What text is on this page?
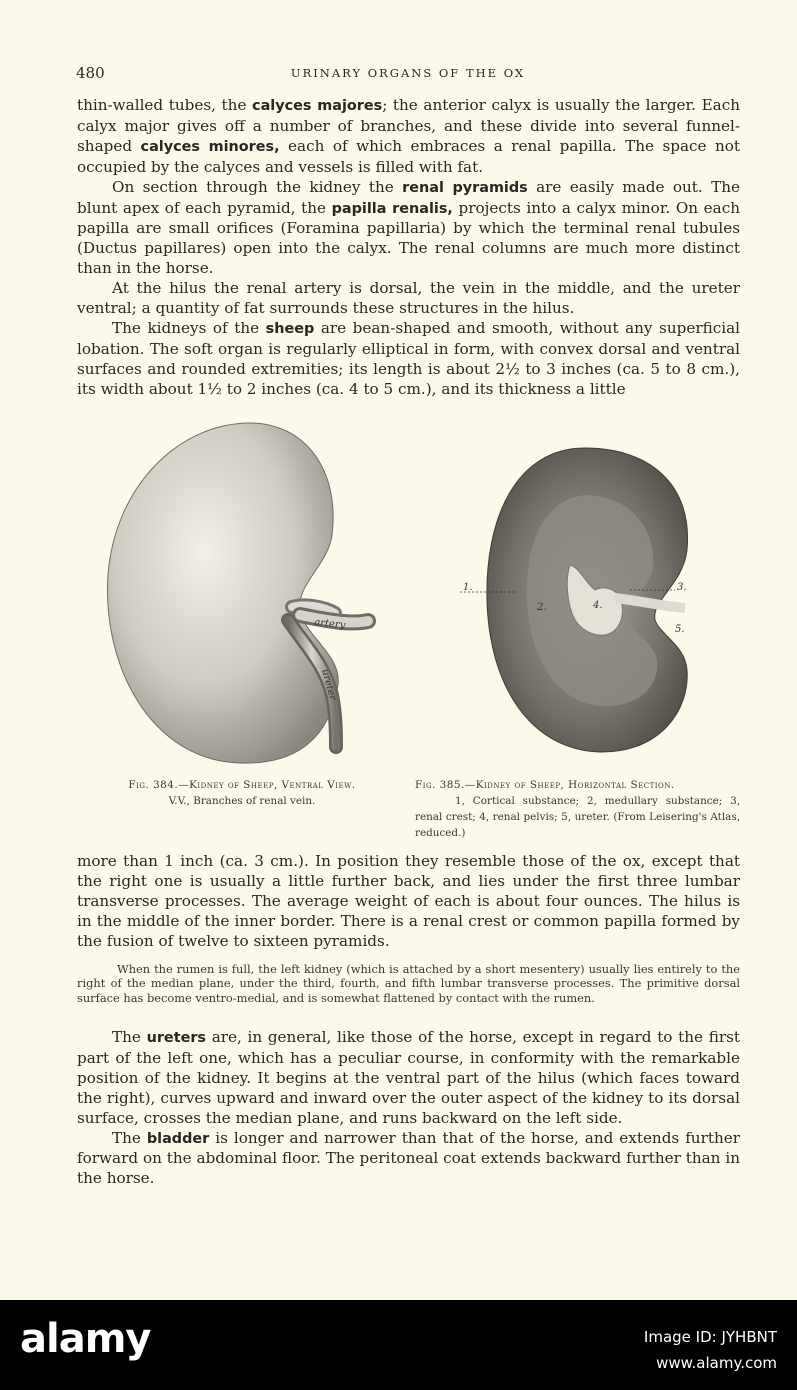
480	URINARY ORGANS OF THE OX

thin-walled tubes, the calyces majores; the anterior calyx is usually the larger. Each calyx major gives off a number of branches, and these divide into several funnel-shaped calyces minores, each of which embraces a renal papilla. The space not occupied by the calyces and vessels is filled with fat.

On section through the kidney the renal pyramids are easily made out. The blunt apex of each pyramid, the papilla renalis, projects into a calyx minor. On each papilla are small orifices (Foramina papillaria) by which the terminal renal tubules (Ductus papillares) open into the calyx. The renal columns are much more distinct than in the horse.

At the hilus the renal artery is dorsal, the vein in the middle, and the ureter ventral; a quantity of fat surrounds these structures in the hilus.

The kidneys of the sheep are bean-shaped and smooth, without any superficial lobation. The soft organ is regularly elliptical in form, with convex dorsal and ventral surfaces and rounded extremities; its length is about 2½ to 3 inches (ca. 5 to 8 cm.), its width about 1½ to 2 inches (ca. 4 to 5 cm.), and its thickness a little

artery
ureter
1.
2.
3.
4.
5.
Fig. 384.—Kidney of Sheep, Ventral View.
V.V., Branches of renal vein.
Fig. 385.—Kidney of Sheep, Horizontal Section.
1, Cortical substance; 2, medullary substance; 3, renal crest; 4, renal pelvis; 5, ureter. (From Leisering's Atlas, reduced.)

more than 1 inch (ca. 3 cm.). In position they resemble those of the ox, except that the right one is usually a little further back, and lies under the first three lumbar transverse processes. The average weight of each is about four ounces. The hilus is in the middle of the inner border. There is a renal crest or common papilla formed by the fusion of twelve to sixteen pyramids.

When the rumen is full, the left kidney (which is attached by a short mesentery) usually lies entirely to the right of the median plane, under the third, fourth, and fifth lumbar transverse processes. The primitive dorsal surface has become ventro-medial, and is somewhat flattened by contact with the rumen.

The ureters are, in general, like those of the horse, except in regard to the first part of the left one, which has a peculiar course, in conformity with the remarkable position of the kidney. It begins at the ventral part of the hilus (which faces toward the right), curves upward and inward over the outer aspect of the kidney to its dorsal surface, crosses the median plane, and runs backward on the left side.

The bladder is longer and narrower than that of the horse, and extends further forward on the abdominal floor. The peritoneal coat extends backward further than in the horse.

alamy	Image ID: JYHBNT
www.alamy.com
